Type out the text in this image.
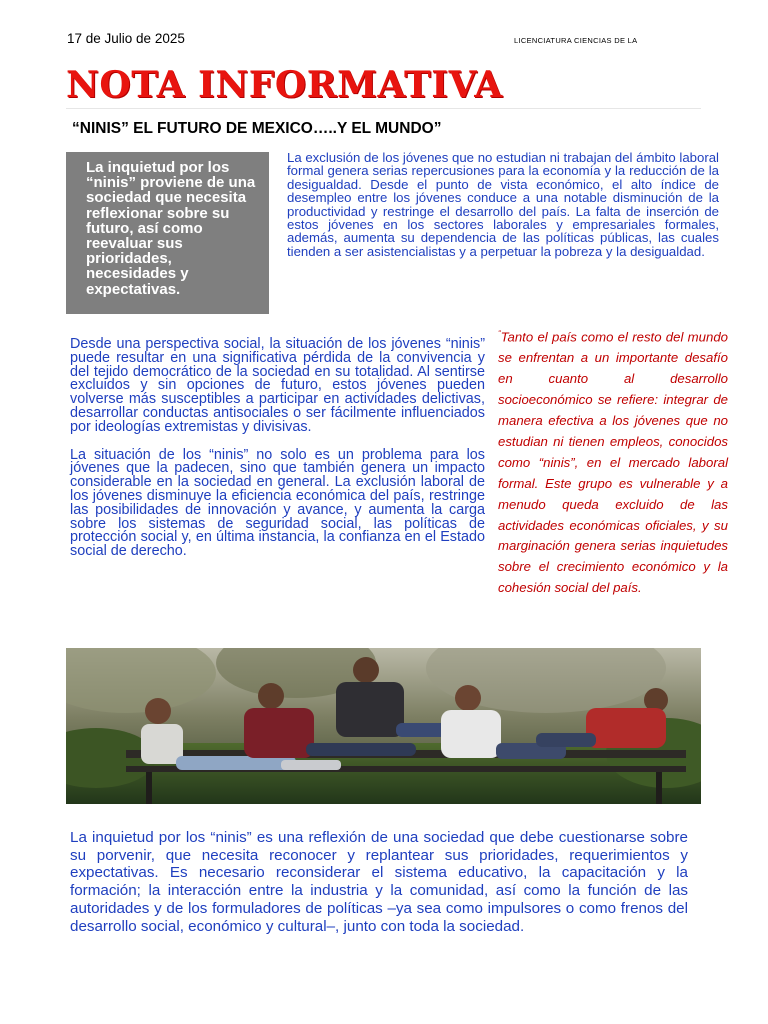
17 de Julio de 2025	LICENCIATURA CIENCIAS DE LA
NOTA INFORMATIVA
“NINIS” EL FUTURO DE MEXICO…..Y EL MUNDO”

La inquietud por los “ninis” proviene de una sociedad que necesita reflexionar sobre su futuro, así como reevaluar sus prioridades, necesidades y expectativas.

La exclusión de los jóvenes que no estudian ni trabajan del ámbito laboral formal genera serias repercusiones para la economía y la reducción de la desigualdad. Desde el punto de vista económico, el alto índice de desempleo entre los jóvenes conduce a una notable disminución de la productividad y restringe el desarrollo del país. La falta de inserción de estos jóvenes en los sectores laborales y empresariales formales, además, aumenta su dependencia de las políticas públicas, las cuales tienden a ser asistencialistas y a perpetuar la pobreza y la desigualdad.

Desde una perspectiva social, la situación de los jóvenes “ninis” puede resultar en una significativa pérdida de la convivencia y del tejido democrático de la sociedad en su totalidad. Al sentirse excluidos y sin opciones de futuro, estos jóvenes pueden volverse más susceptibles a participar en actividades delictivas, desarrollar conductas antisociales o ser fácilmente influenciados por ideologías extremistas y divisivas.

La situación de los “ninis” no solo es un problema para los jóvenes que la padecen, sino que también genera un impacto considerable en la sociedad en general. La exclusión laboral de los jóvenes disminuye la eficiencia económica del país, restringe las posibilidades de innovación y avance, y aumenta la carga sobre los sistemas de seguridad social, las políticas de protección social y, en última instancia, la confianza en el Estado social de derecho.

“Tanto el país como el resto del mundo se enfrentan a un importante desafío en cuanto al desarrollo socioeconómico se refiere: integrar de manera efectiva a los jóvenes que no estudian ni tienen empleos, conocidos como “ninis”, en el mercado laboral formal. Este grupo es vulnerable y a menudo queda excluido de las actividades económicas oficiales, y su marginación genera serias inquietudes sobre el crecimiento económico y la cohesión social del país.

La inquietud por los “ninis” es una reflexión de una sociedad que debe cuestionarse sobre su porvenir, que necesita reconocer y replantear sus prioridades, requerimientos y expectativas. Es necesario reconsiderar el sistema educativo, la capacitación y la formación; la interacción entre la industria y la comunidad, así como la función de las autoridades y de los formuladores de políticas –ya sea como impulsores o como frenos del desarrollo social, económico y cultural–, junto con toda la sociedad.
